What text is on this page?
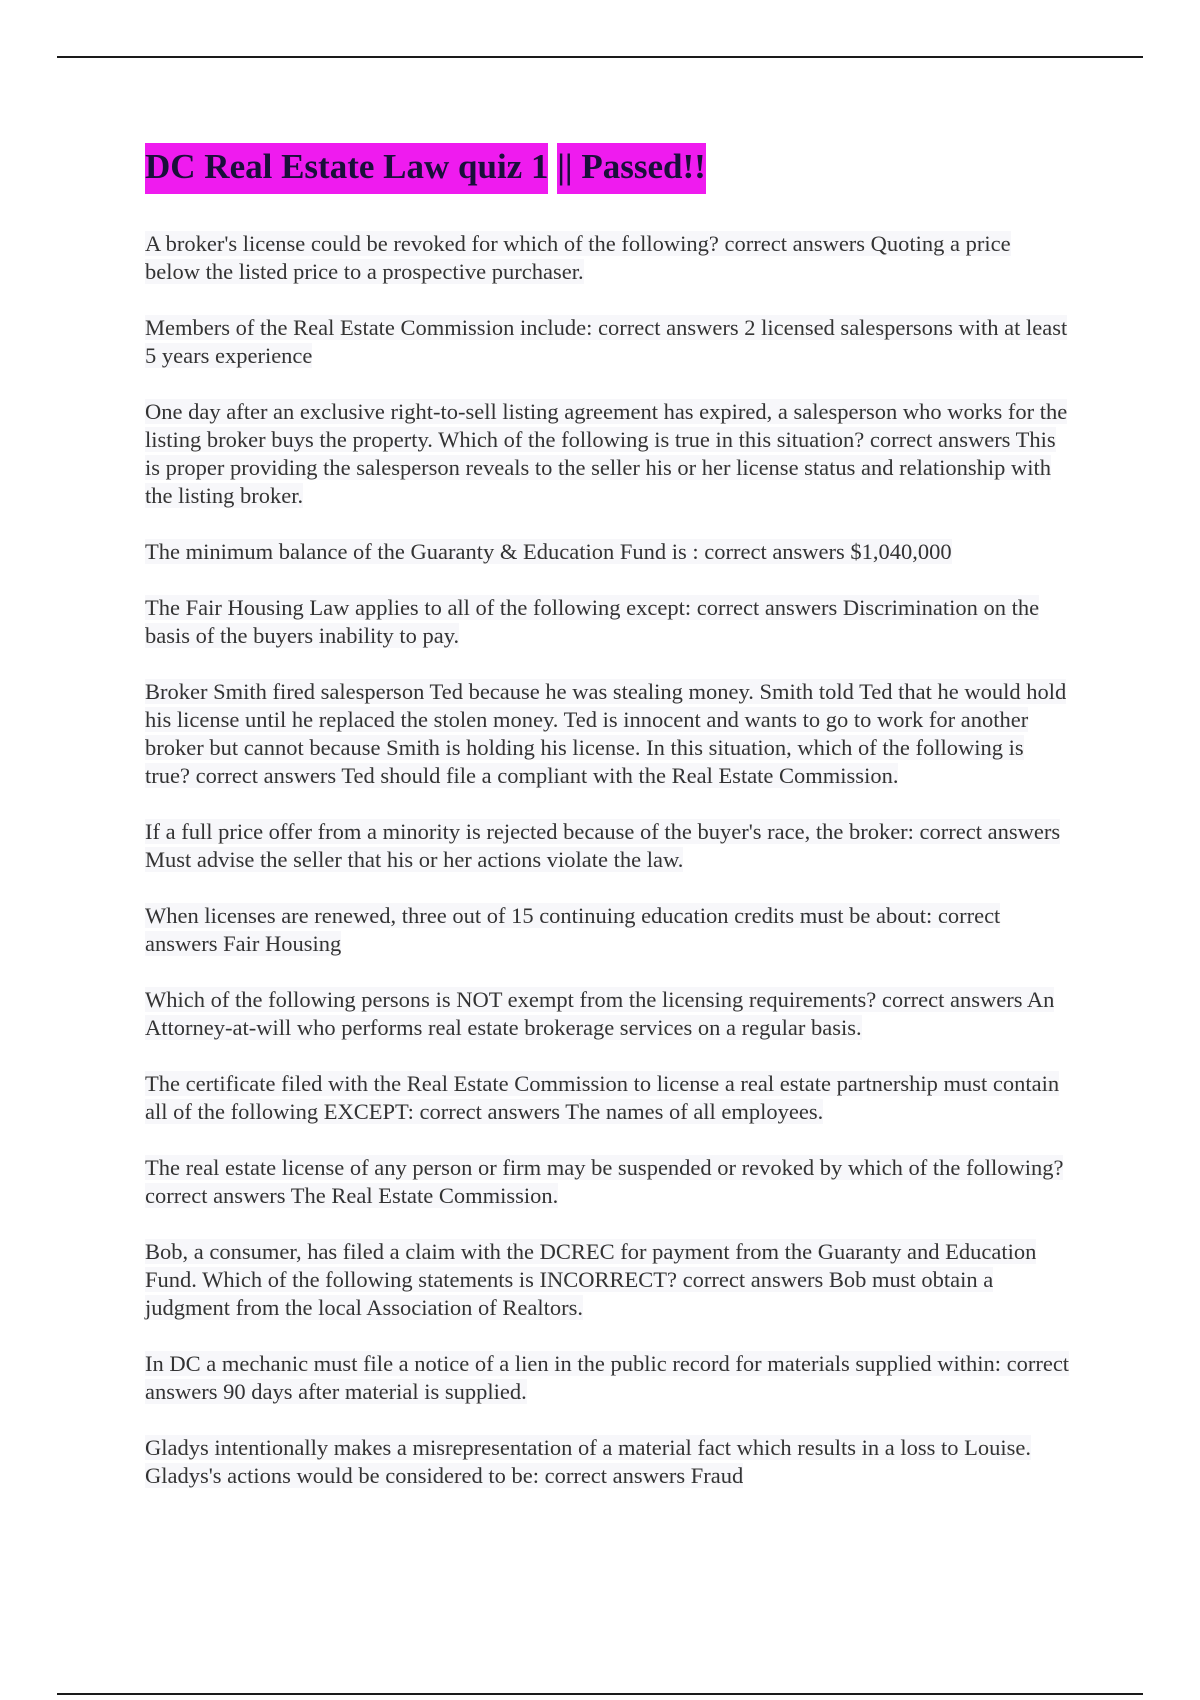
DC Real Estate Law quiz 1 || Passed!!

A broker's license could be revoked for which of the following? correct answers Quoting a price below the listed price to a prospective purchaser.

Members of the Real Estate Commission include: correct answers 2 licensed salespersons with at least 5 years experience

One day after an exclusive right-to-sell listing agreement has expired, a salesperson who works for the listing broker buys the property. Which of the following is true in this situation? correct answers This is proper providing the salesperson reveals to the seller his or her license status and relationship with the listing broker.

The minimum balance of the Guaranty & Education Fund is : correct answers $1,040,000

The Fair Housing Law applies to all of the following except: correct answers Discrimination on the basis of the buyers inability to pay.

Broker Smith fired salesperson Ted because he was stealing money. Smith told Ted that he would hold his license until he replaced the stolen money. Ted is innocent and wants to go to work for another broker but cannot because Smith is holding his license. In this situation, which of the following is true? correct answers Ted should file a compliant with the Real Estate Commission.

If a full price offer from a minority is rejected because of the buyer's race, the broker: correct answers Must advise the seller that his or her actions violate the law.

When licenses are renewed, three out of 15 continuing education credits must be about: correct answers Fair Housing

Which of the following persons is NOT exempt from the licensing requirements? correct answers An Attorney-at-will who performs real estate brokerage services on a regular basis.

The certificate filed with the Real Estate Commission to license a real estate partnership must contain all of the following EXCEPT: correct answers The names of all employees.

The real estate license of any person or firm may be suspended or revoked by which of the following? correct answers The Real Estate Commission.

Bob, a consumer, has filed a claim with the DCREC for payment from the Guaranty and Education Fund. Which of the following statements is INCORRECT? correct answers Bob must obtain a judgment from the local Association of Realtors.

In DC a mechanic must file a notice of a lien in the public record for materials supplied within: correct answers 90 days after material is supplied.

Gladys intentionally makes a misrepresentation of a material fact which results in a loss to Louise. Gladys's actions would be considered to be: correct answers Fraud
